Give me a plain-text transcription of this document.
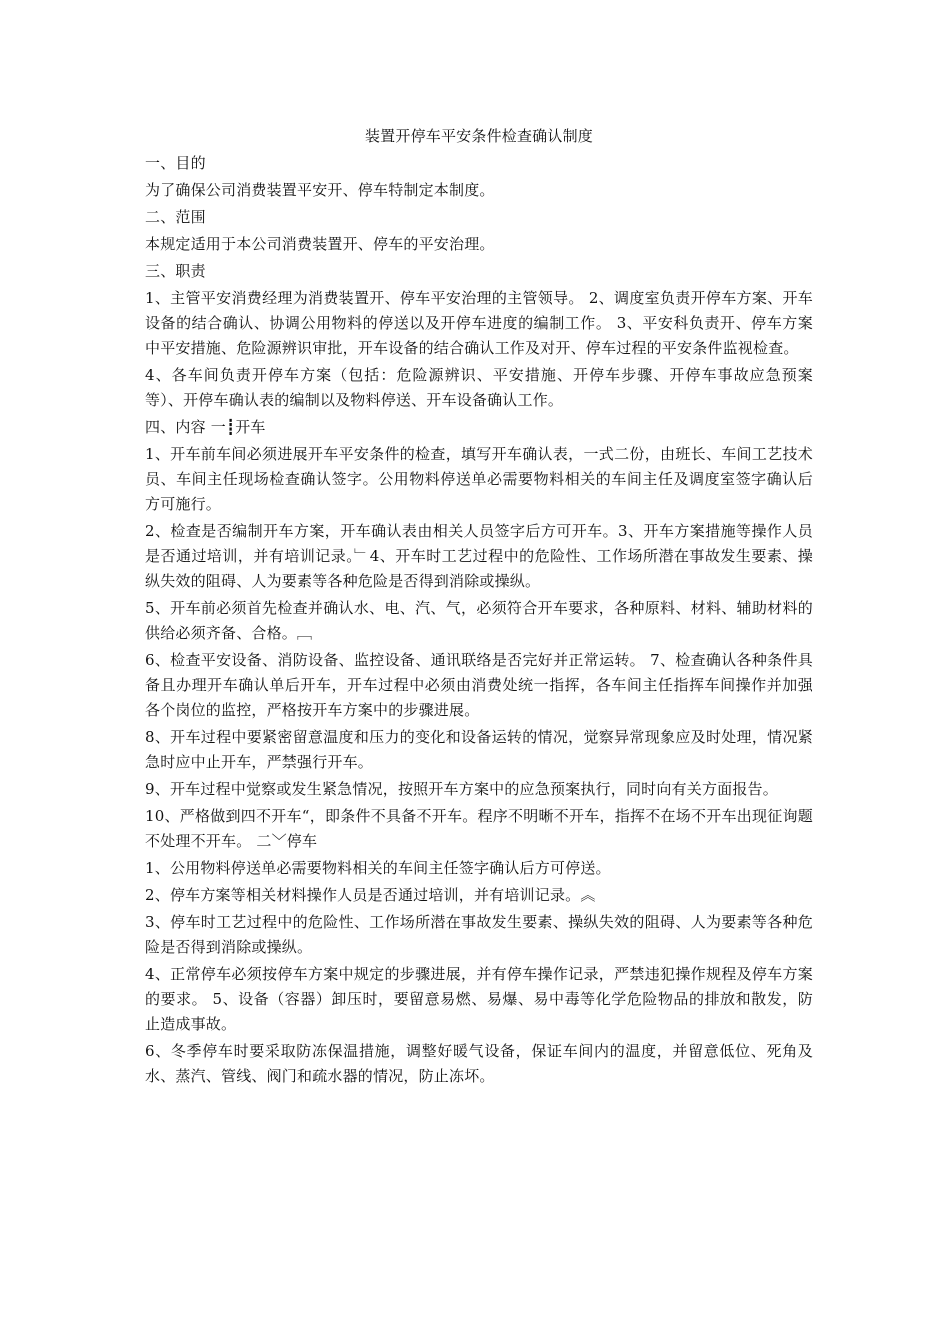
装置开停车平安条件检查确认制度
一、目的
为了确保公司消费装置平安开、停车特制定本制度。
二、范围
本规定适用于本公司消费装置开、停车的平安治理。
三、职责
1、主管平安消费经理为消费装置开、停车平安治理的主管领导。 2、调度室负责开停车方案、开车设备的结合确认、协调公用物料的停送以及开停车进度的编制工作。 3、平安科负责开、停车方案中平安措施、危险源辨识审批，开车设备的结合确认工作及对开、停车过程的平安条件监视检查。
4、各车间负责开停车方案（包括：危险源辨识、平安措施、开停车步骤、开停车事故应急预案等）、开停车确认表的编制以及物料停送、开车设备确认工作。
四、内容 一┋开车
1、开车前车间必须进展开车平安条件的检查，填写开车确认表，一式二份，由班长、车间工艺技术员、车间主任现场检查确认签字。公用物料停送单必需要物料相关的车间主任及调度室签字确认后方可施行。
2、检查是否编制开车方案，开车确认表由相关人员签字后方可开车。3、开车方案措施等操作人员是否通过培训，并有培训记录。﹂4、开车时工艺过程中的危险性、工作场所潜在事故发生要素、操纵失效的阻碍、人为要素等各种危险是否得到消除或操纵。
5、开车前必须首先检查并确认水、电、汽、气，必须符合开车要求，各种原料、材料、辅助材料的供给必须齐备、合格。﹇
6、检查平安设备、消防设备、监控设备、通讯联络是否完好并正常运转。 7、检查确认各种条件具备且办理开车确认单后开车，开车过程中必须由消费处统一指挥，各车间主任指挥车间操作并加强各个岗位的监控，严格按开车方案中的步骤进展。
8、开车过程中要紧密留意温度和压力的变化和设备运转的情况，觉察异常现象应及时处理，情况紧急时应中止开车，严禁强行开车。
9、开车过程中觉察或发生紧急情况，按照开车方案中的应急预案执行，同时向有关方面报告。
10、严格做到四不开车“，即条件不具备不开车。程序不明晰不开车，指挥不在场不开车出现征询题不处理不开车。 二﹀停车
1、公用物料停送单必需要物料相关的车间主任签字确认后方可停送。
2、停车方案等相关材料操作人员是否通过培训，并有培训记录。︽
3、停车时工艺过程中的危险性、工作场所潜在事故发生要素、操纵失效的阻碍、人为要素等各种危险是否得到消除或操纵。
4、正常停车必须按停车方案中规定的步骤进展，并有停车操作记录，严禁违犯操作规程及停车方案的要求。 5、设备（容器）卸压时，要留意易燃、易爆、易中毒等化学危险物品的排放和散发，防止造成事故。
6、冬季停车时要采取防冻保温措施，调整好暖气设备，保证车间内的温度，并留意低位、死角及水、蒸汽、管线、阀门和疏水器的情况，防止冻坏。
